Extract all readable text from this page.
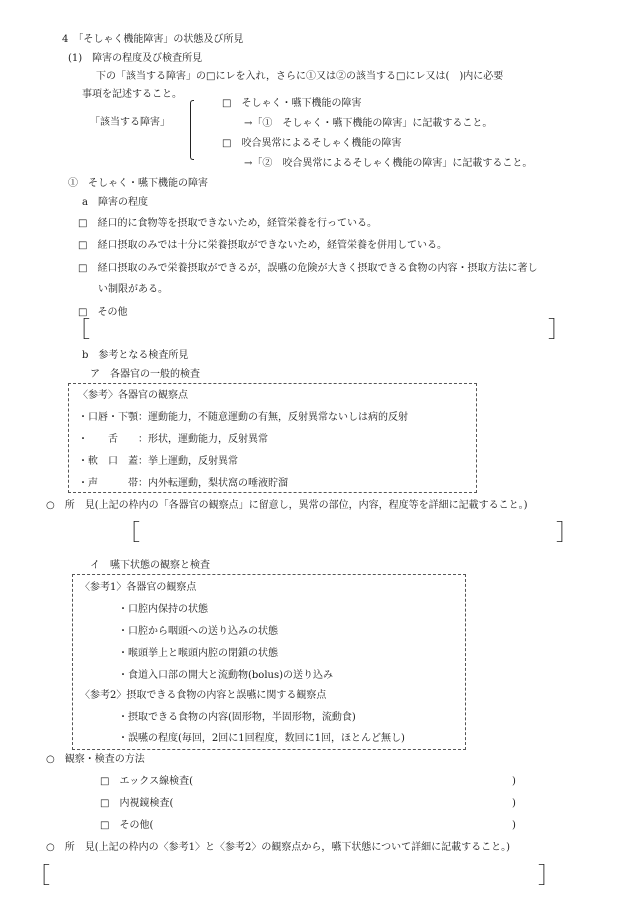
4　「そしゃく機能障害」の状態及び所見
(1)　障害の程度及び検査所見
下の「該当する障害」の□にレを入れ，さらに①又は②の該当する□にレ又は(　)内に必要
事項を記述すること。
「該当する障害」
□　そしゃく・嚥下機能の障害
→「①　そしゃく・嚥下機能の障害」に記載すること。
□　咬合異常によるそしゃく機能の障害
→「②　咬合異常によるそしゃく機能の障害」に記載すること。
①　そしゃく・嚥下機能の障害
a　障害の程度
□　経口的に食物等を摂取できないため，経管栄養を行っている。
□　経口摂取のみでは十分に栄養摂取ができないため，経管栄養を併用している。
□　経口摂取のみで栄養摂取ができるが，誤嚥の危険が大きく摂取できる食物の内容・摂取方法に著し
い制限がある。
□　その他
［	］
b　参考となる検査所見
ア　各器官の一般的検査
〈参考〉各器官の観察点
・口唇・下顎：運動能力，不随意運動の有無，反射異常ないしは病的反射
・　　舌　　：形状，運動能力，反射異常
・軟　口　蓋：挙上運動，反射異常
・声　　　帯：内外転運動，梨状窩の唾液貯溜
○　所　見(上記の枠内の「各器官の観察点」に留意し，異常の部位，内容，程度等を詳細に記載すること。)
［	］
イ　嚥下状態の観察と検査
〈参考1〉各器官の観察点
・口腔内保持の状態
・口腔から咽頭への送り込みの状態
・喉頭挙上と喉頭内腔の閉鎖の状態
・食道入口部の開大と流動物(bolus)の送り込み
〈参考2〉摂取できる食物の内容と誤嚥に関する観察点
・摂取できる食物の内容(固形物，半固形物，流動食)
・誤嚥の程度(毎回，2回に1回程度，数回に1回，ほとんど無し)
○　観察・検査の方法
□　エックス線検査(	)
□　内視鏡検査(	)
□　その他(	)
○　所　見(上記の枠内の〈参考1〉と〈参考2〉の観察点から，嚥下状態について詳細に記載すること。)
［	］
